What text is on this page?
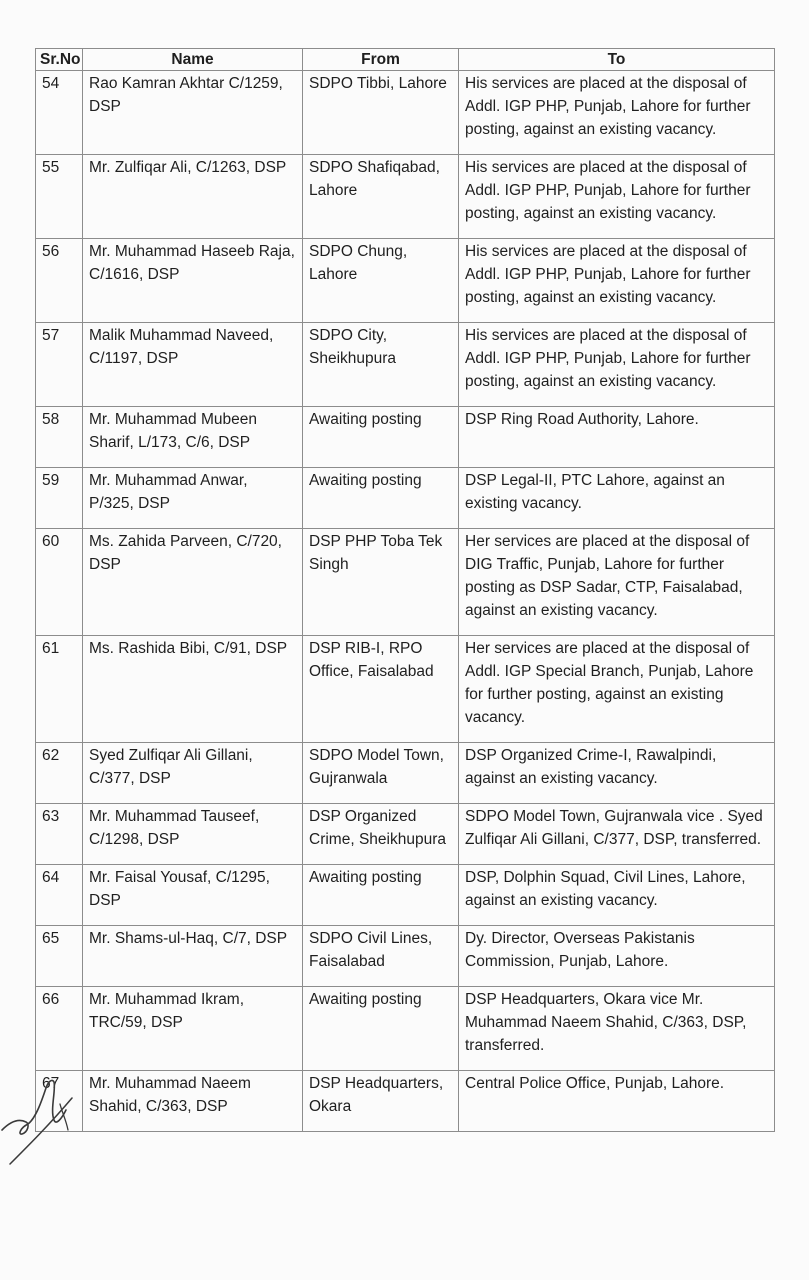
Sr.No	Name	From	To
54	Rao Kamran Akhtar C/1259, DSP	SDPO Tibbi, Lahore	His services are placed at the disposal of Addl. IGP PHP, Punjab, Lahore for further posting, against an existing vacancy.
55	Mr. Zulfiqar Ali, C/1263, DSP	SDPO Shafiqabad, Lahore	His services are placed at the disposal of Addl. IGP PHP, Punjab, Lahore for further posting, against an existing vacancy.
56	Mr. Muhammad Haseeb Raja, C/1616, DSP	SDPO Chung, Lahore	His services are placed at the disposal of Addl. IGP PHP, Punjab, Lahore for further posting, against an existing vacancy.
57	Malik Muhammad Naveed, C/1197, DSP	SDPO City, Sheikhupura	His services are placed at the disposal of Addl. IGP PHP, Punjab, Lahore for further posting, against an existing vacancy.
58	Mr. Muhammad Mubeen Sharif, L/173, C/6, DSP	Awaiting posting	DSP Ring Road Authority, Lahore.
59	Mr. Muhammad Anwar, P/325, DSP	Awaiting posting	DSP Legal-II, PTC Lahore, against an existing vacancy.
60	Ms. Zahida Parveen, C/720, DSP	DSP PHP Toba Tek Singh	Her services are placed at the disposal of DIG Traffic, Punjab, Lahore for further posting as DSP Sadar, CTP, Faisalabad, against an existing vacancy.
61	Ms. Rashida Bibi, C/91, DSP	DSP RIB-I, RPO Office, Faisalabad	Her services are placed at the disposal of Addl. IGP Special Branch, Punjab, Lahore for further posting, against an existing vacancy.
62	Syed Zulfiqar Ali Gillani, C/377, DSP	SDPO Model Town, Gujranwala	DSP Organized Crime-I, Rawalpindi, against an existing vacancy.
63	Mr. Muhammad Tauseef, C/1298, DSP	DSP Organized Crime, Sheikhupura	SDPO Model Town, Gujranwala vice . Syed Zulfiqar Ali Gillani, C/377, DSP, transferred.
64	Mr. Faisal Yousaf, C/1295, DSP	Awaiting posting	DSP, Dolphin Squad, Civil Lines, Lahore, against an existing vacancy.
65	Mr. Shams-ul-Haq, C/7, DSP	SDPO Civil Lines, Faisalabad	Dy. Director, Overseas Pakistanis Commission, Punjab, Lahore.
66	Mr. Muhammad Ikram, TRC/59, DSP	Awaiting posting	DSP Headquarters, Okara vice Mr. Muhammad Naeem Shahid, C/363, DSP, transferred.
67	Mr. Muhammad Naeem Shahid, C/363, DSP	DSP Headquarters, Okara	Central Police Office, Punjab, Lahore.
